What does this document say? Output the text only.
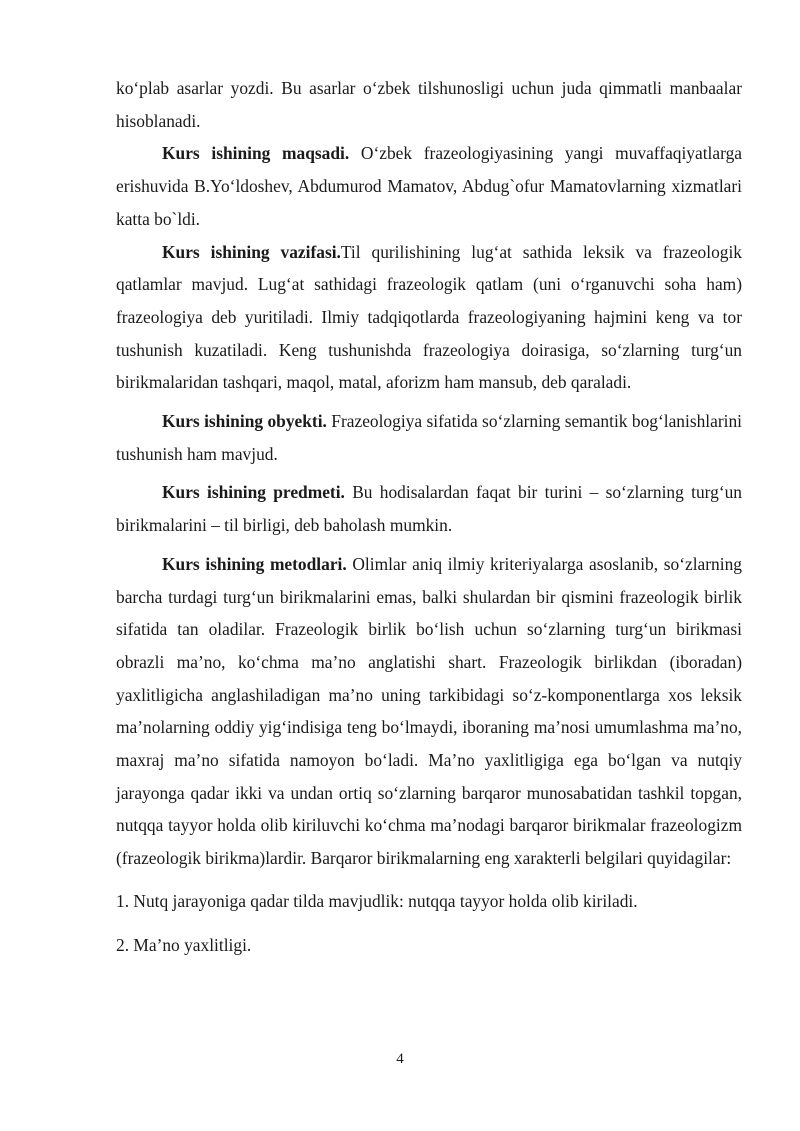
koʻplab asarlar yozdi. Bu asarlar oʻzbek tilshunosligi uchun juda qimmatli manbaalar hisoblanadi.

Kurs ishining maqsadi. Oʻzbek frazeologiyasining yangi muvaffaqiyatlarga erishuvida B.Yoʻldoshev, Abdumurod Mamatov, Abdug`ofur Mamatovlarning xizmatlari katta bo`ldi.

Kurs ishining vazifasi.Til qurilishining lugʻat sathida leksik va frazeologik qatlamlar mavjud. Lugʻat sathidagi frazeologik qatlam (uni oʻrganuvchi soha ham) frazeologiya deb yuritiladi. Ilmiy tadqiqotlarda frazeologiyaning hajmini keng va tor tushunish kuzatiladi. Keng tushunishda frazeologiya doirasiga, soʻzlarning turgʻun birikmalaridan tashqari, maqol, matal, aforizm ham mansub, deb qaraladi.

Kurs ishining obyekti. Frazeologiya sifatida soʻzlarning semantik bogʻlanishlarini tushunish ham mavjud.

Kurs ishining predmeti. Bu hodisalardan faqat bir turini – soʻzlarning turgʻun birikmalarini – til birligi, deb baholash mumkin.

Kurs ishining metodlari. Olimlar aniq ilmiy kriteriyalarga asoslanib, soʻzlarning barcha turdagi turgʻun birikmalarini emas, balki shulardan bir qismini frazeologik birlik sifatida tan oladilar. Frazeologik birlik boʻlish uchun soʻzlarning turgʻun birikmasi obrazli ma’no, koʻchma ma’no anglatishi shart. Frazeologik birlikdan (iboradan) yaxlitligicha anglashiladigan ma’no uning tarkibidagi soʻz-komponentlarga xos leksik ma’nolarning oddiy yigʻindisiga teng boʻlmaydi, iboraning ma’nosi umumlashma ma’no, maxraj ma’no sifatida namoyon boʻladi. Ma’no yaxlitligiga ega boʻlgan va nutqiy jarayonga qadar ikki va undan ortiq soʻzlarning barqaror munosabatidan tashkil topgan, nutqqa tayyor holda olib kiriluvchi koʻchma ma’nodagi barqaror birikmalar frazeologizm (frazeologik birikma)lardir. Barqaror birikmalarning eng xarakterli belgilari quyidagilar:

1. Nutq jarayoniga qadar tilda mavjudlik: nutqqa tayyor holda olib kiriladi.

2. Ma’no yaxlitligi.

4
